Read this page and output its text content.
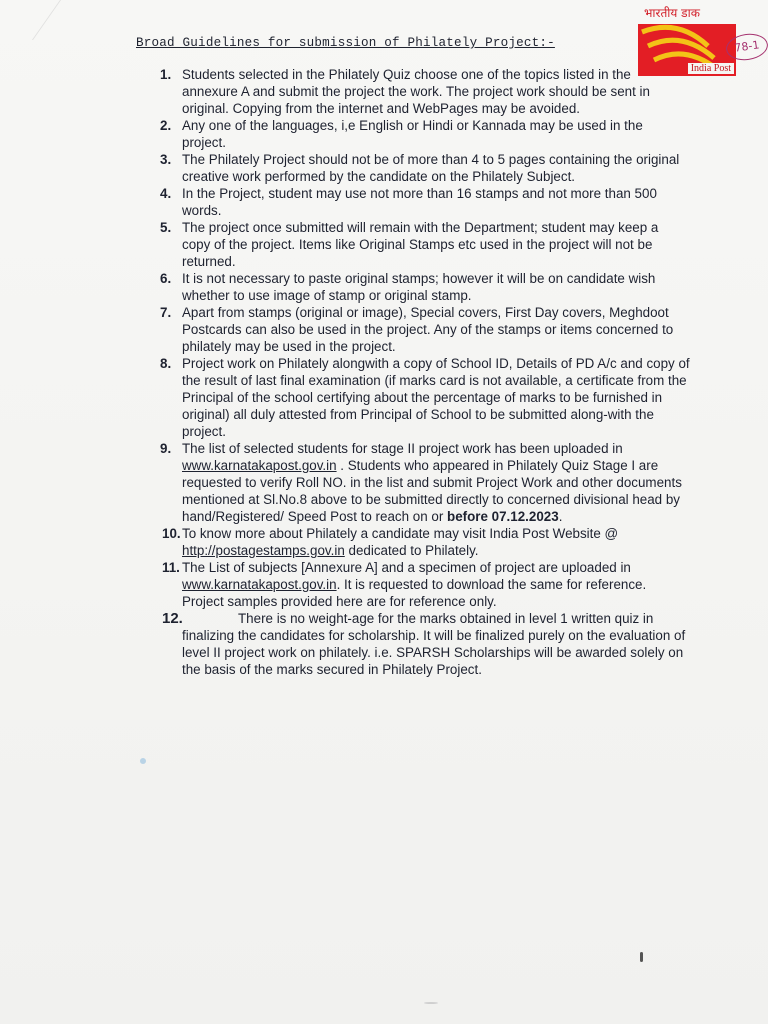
Broad Guidelines for submission of Philately Project:-
भारतीय डाक
India Post
78-1
1. Students selected in the Philately Quiz choose one of the topics listed in the annexure A and submit the project the work. The project work should be sent in original. Copying from the internet and WebPages may be avoided.
2. Any one of the languages, i,e English or Hindi or Kannada may be used in the project.
3. The Philately Project should not be of more than 4 to 5 pages containing the original creative work performed by the candidate on the Philately Subject.
4. In the Project, student may use not more than 16 stamps and not more than 500 words.
5. The project once submitted will remain with the Department; student may keep a copy of the project. Items like Original Stamps etc used in the project will not be returned.
6. It is not necessary to paste original stamps; however it will be on candidate wish whether to use image of stamp or original stamp.
7. Apart from stamps (original or image), Special covers, First Day covers, Meghdoot Postcards can also be used in the project. Any of the stamps or items concerned to philately may be used in the project.
8. Project work on Philately alongwith a copy of School ID, Details of PD A/c and copy of the result of last final examination (if marks card is not available, a certificate from the Principal of the school certifying about the percentage of marks to be furnished in original) all duly attested from Principal of School to be submitted along-with the project.
9. The list of selected students for stage II project work has been uploaded in www.karnatakapost.gov.in . Students who appeared in Philately Quiz Stage I are requested to verify Roll NO. in the list and submit Project Work and other documents mentioned at Sl.No.8 above to be submitted directly to concerned divisional head by hand/Registered/ Speed Post to reach on or before 07.12.2023.
10. To know more about Philately a candidate may visit India Post Website @ http://postagestamps.gov.in dedicated to Philately.
11. The List of subjects [Annexure A] and a specimen of project are uploaded in www.karnatakapost.gov.in. It is requested to download the same for reference. Project samples provided here are for reference only.
12.	There is no weight-age for the marks obtained in level 1 written quiz in finalizing the candidates for scholarship. It will be finalized purely on the evaluation of level II project work on philately. i.e. SPARSH Scholarships will be awarded solely on the basis of the marks secured in Philately Project.
